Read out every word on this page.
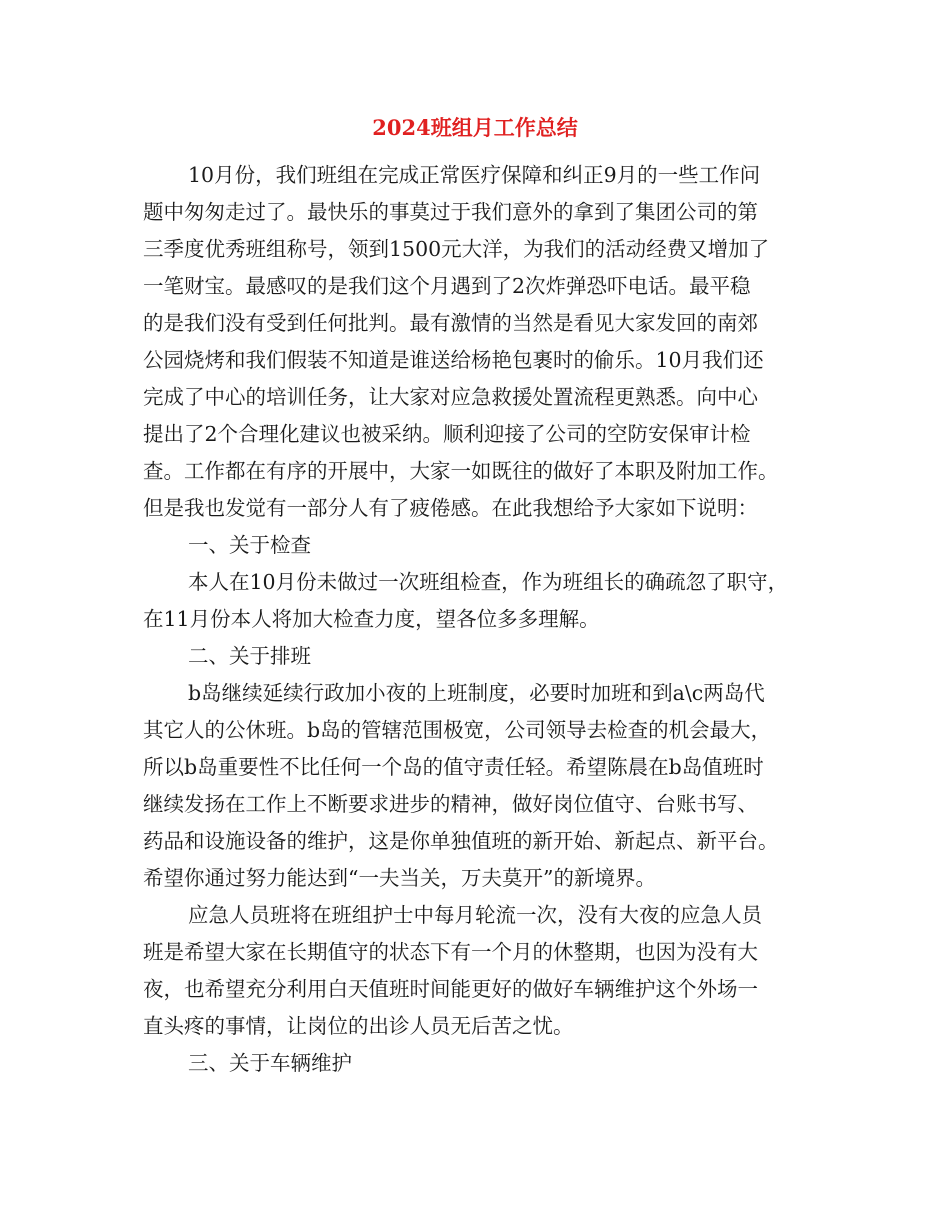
2024班组月工作总结
10月份，我们班组在完成正常医疗保障和纠正9月的一些工作问
题中匆匆走过了。最快乐的事莫过于我们意外的拿到了集团公司的第
三季度优秀班组称号，领到1500元大洋，为我们的活动经费又增加了
一笔财宝。最感叹的是我们这个月遇到了2次炸弹恐吓电话。最平稳
的是我们没有受到任何批判。最有激情的当然是看见大家发回的南郊
公园烧烤和我们假装不知道是谁送给杨艳包裹时的偷乐。10月我们还
完成了中心的培训任务，让大家对应急救援处置流程更熟悉。向中心
提出了2个合理化建议也被采纳。顺利迎接了公司的空防安保审计检
查。工作都在有序的开展中，大家一如既往的做好了本职及附加工作。
但是我也发觉有一部分人有了疲倦感。在此我想给予大家如下说明：
一、关于检查
本人在10月份未做过一次班组检查，作为班组长的确疏忽了职守，
在11月份本人将加大检查力度，望各位多多理解。
二、关于排班
b岛继续延续行政加小夜的上班制度，必要时加班和到a\c两岛代
其它人的公休班。b岛的管辖范围极宽，公司领导去检查的机会最大，
所以b岛重要性不比任何一个岛的值守责任轻。希望陈晨在b岛值班时
继续发扬在工作上不断要求进步的精神，做好岗位值守、台账书写、
药品和设施设备的维护，这是你单独值班的新开始、新起点、新平台。
希望你通过努力能达到“一夫当关，万夫莫开”的新境界。
应急人员班将在班组护士中每月轮流一次，没有大夜的应急人员
班是希望大家在长期值守的状态下有一个月的休整期，也因为没有大
夜，也希望充分利用白天值班时间能更好的做好车辆维护这个外场一
直头疼的事情，让岗位的出诊人员无后苦之忧。
三、关于车辆维护
